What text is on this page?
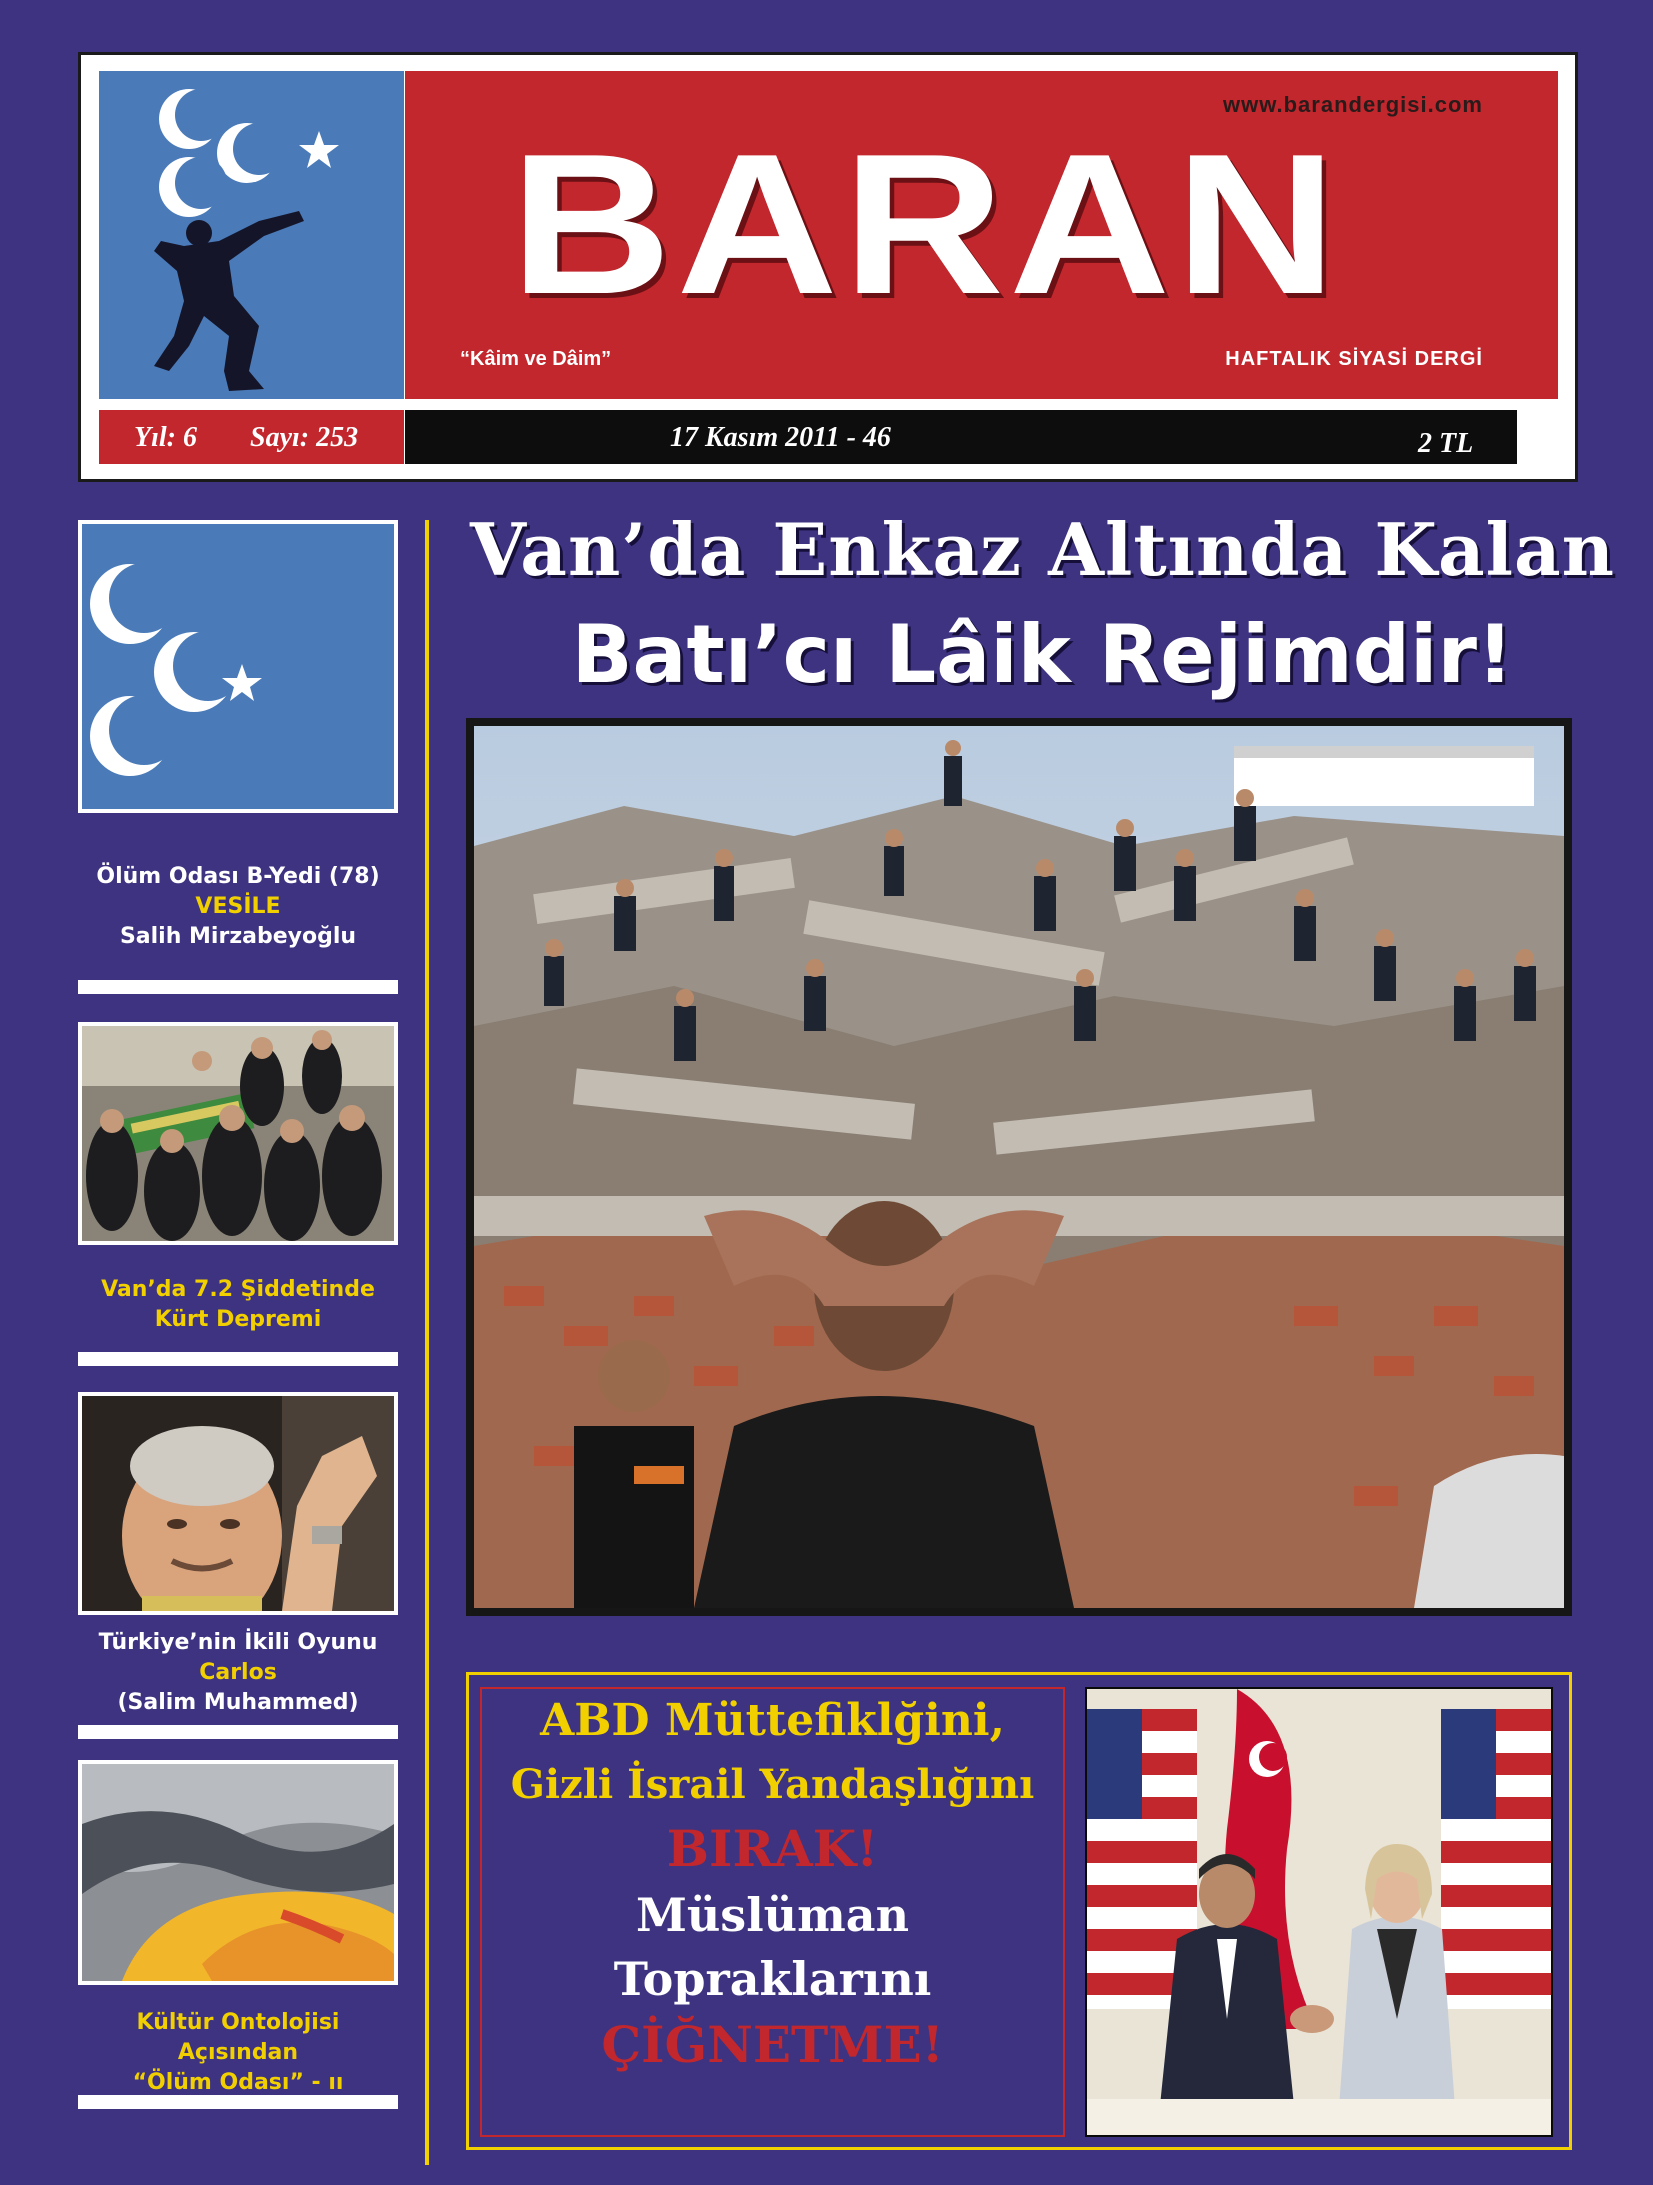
www.barandergisi.com
BARAN
“Kâim ve Dâim”	HAFTALIK SİYASİ DERGİ
Yıl: 6 Sayı: 253	17 Kasım 2011 - 46	2 TL
Ölüm Odası B-Yedi (78)
VESİLE
Salih Mirzabeyoğlu
Van’da 7.2 Şiddetinde
Kürt Depremi
Türkiye’nin İkili Oyunu
Carlos
(Salim Muhammed)
Kültür Ontolojisi Açısından
“Ölüm Odası” - ıı
Van’da Enkaz Altında Kalan
Batı’cı Lâik Rejimdir!
ABD Müttefiklğini,
Gizli İsrail Yandaşlığını
BIRAK!
Müslüman
Topraklarını
ÇİĞNETME!
